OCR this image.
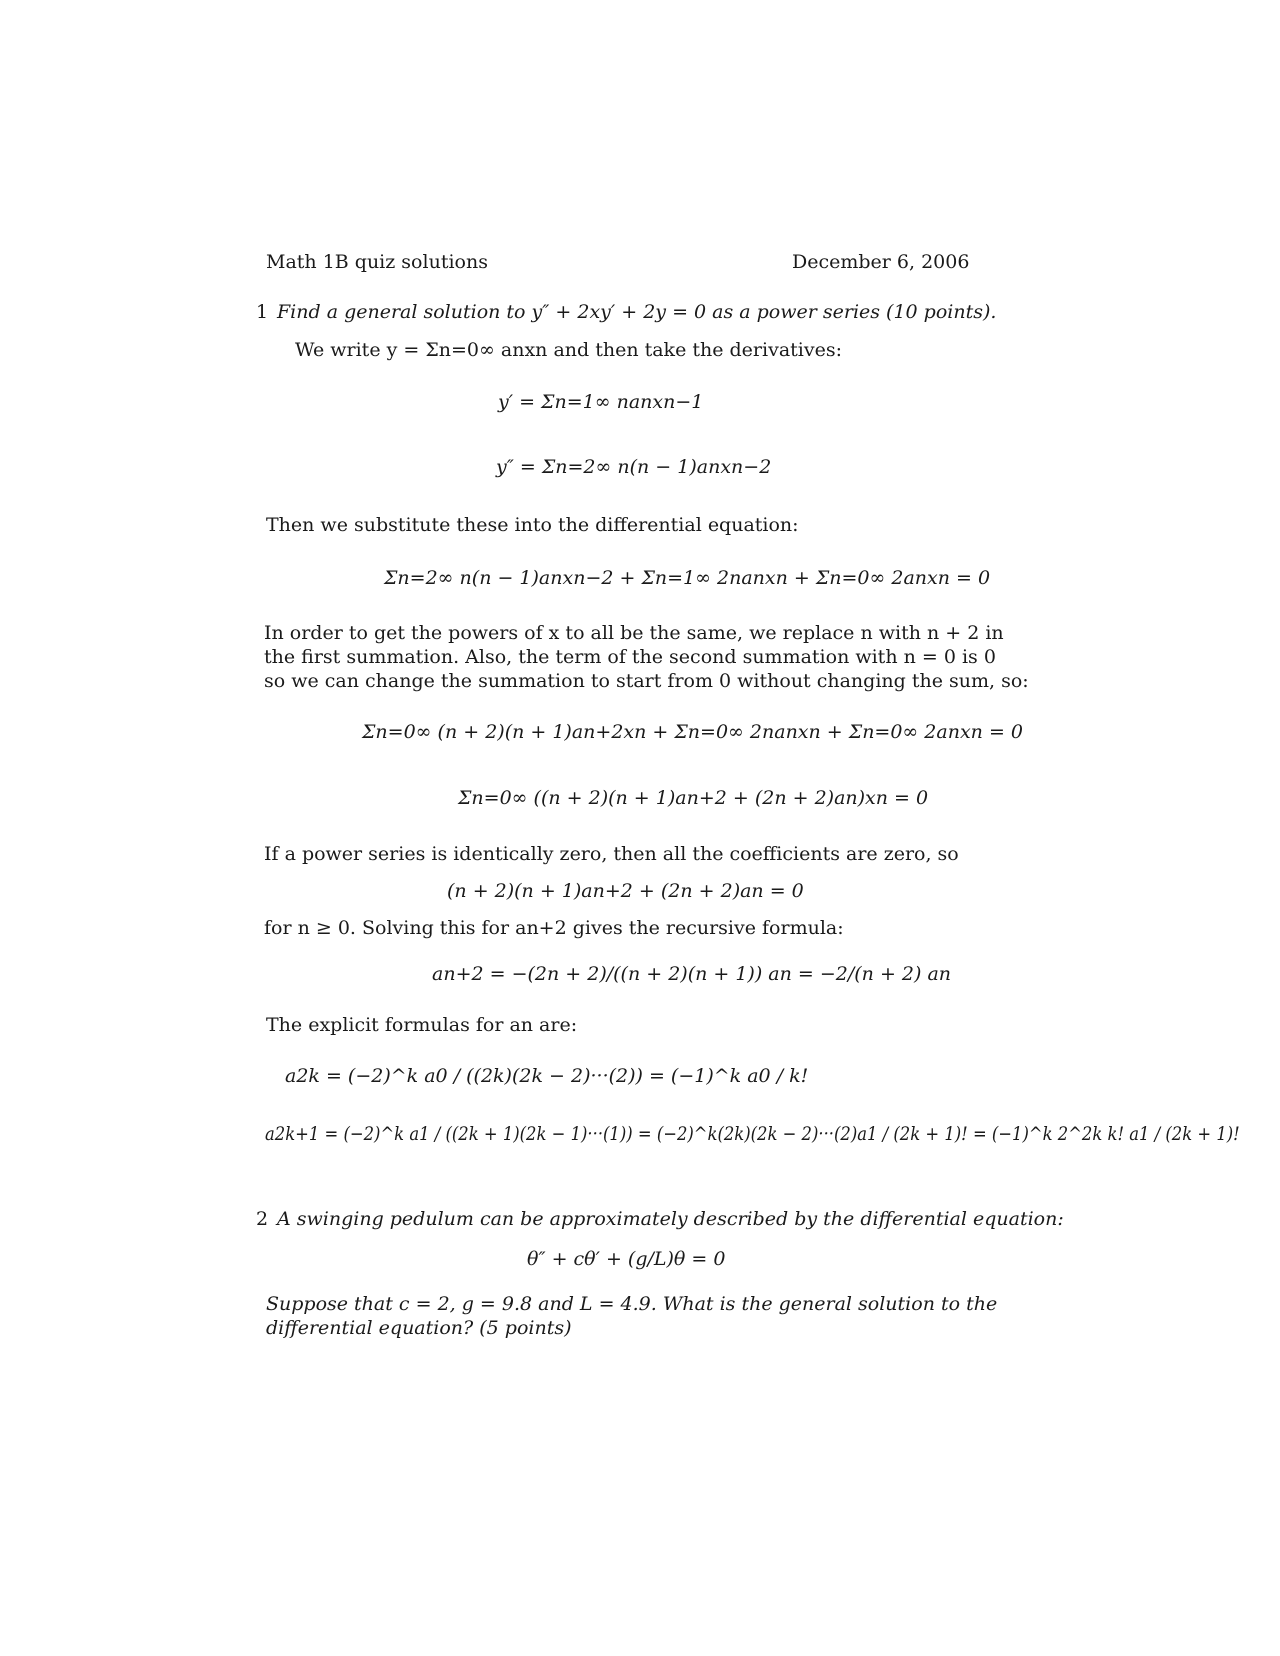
Math 1B quiz solutions	December 6, 2006
1 Find a general solution to y″ + 2xy′ + 2y = 0 as a power series (10 points).
We write y = Σn=0∞ anxn and then take the derivatives:
y′ = Σn=1∞ nanxn−1
y″ = Σn=2∞ n(n − 1)anxn−2
Then we substitute these into the differential equation:
Σn=2∞ n(n − 1)anxn−2 + Σn=1∞ 2nanxn + Σn=0∞ 2anxn = 0
In order to get the powers of x to all be the same, we replace n with n + 2 in
the first summation. Also, the term of the second summation with n = 0 is 0
so we can change the summation to start from 0 without changing the sum, so:
Σn=0∞ (n + 2)(n + 1)an+2xn + Σn=0∞ 2nanxn + Σn=0∞ 2anxn = 0
Σn=0∞ ((n + 2)(n + 1)an+2 + (2n + 2)an)xn = 0
If a power series is identically zero, then all the coefficients are zero, so
(n + 2)(n + 1)an+2 + (2n + 2)an = 0
for n ≥ 0. Solving this for an+2 gives the recursive formula:
an+2 = −(2n + 2)/((n + 2)(n + 1)) an = −2/(n + 2) an
The explicit formulas for an are:
a2k = (−2)^k a0 / ((2k)(2k − 2)···(2)) = (−1)^k a0 / k!
a2k+1 = (−2)^k a1 / ((2k + 1)(2k − 1)···(1)) = (−2)^k(2k)(2k − 2)···(2)a1 / (2k + 1)! = (−1)^k 2^2k k! a1 / (2k + 1)!
2 A swinging pedulum can be approximately described by the differential equation:
θ″ + cθ′ + (g/L)θ = 0
Suppose that c = 2, g = 9.8 and L = 4.9. What is the general solution to the
differential equation? (5 points)
